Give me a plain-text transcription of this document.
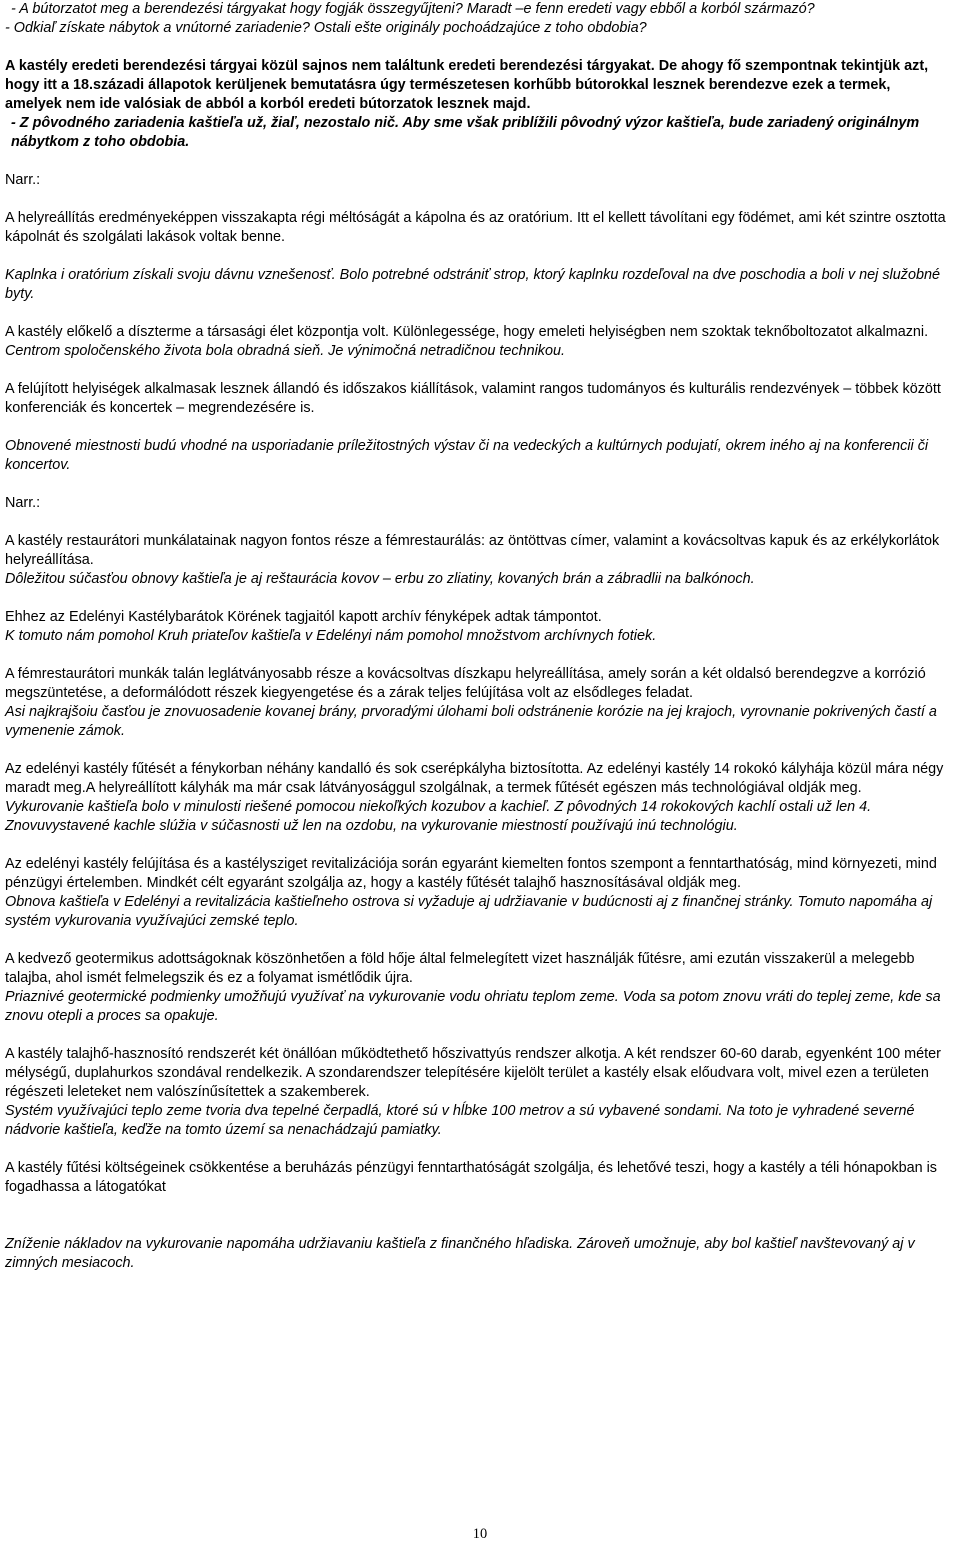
- A bútorzatot meg a berendezési tárgyakat hogy fogják összegyűjteni? Maradt –e fenn eredeti vagy ebből a korból származó?

- Odkiaľ získate nábytok a vnútorné zariadenie? Ostali ešte originály pochoádzajúce z toho obdobia?

A kastély eredeti berendezési tárgyai közül sajnos nem találtunk eredeti berendezési tárgyakat. De ahogy fő szempontnak tekintjük azt, hogy itt a 18.századi állapotok kerüljenek bemutatásra úgy természetesen korhűbb bútorokkal lesznek berendezve ezek a termek, amelyek nem ide valósiak de abból a korból eredeti bútorzatok lesznek majd.

- Z pôvodného zariadenia kaštieľa už, žiaľ, nezostalo nič. Aby sme však priblížili pôvodný výzor kaštieľa, bude zariadený originálnym nábytkom z toho obdobia.

Narr.:

A helyreállítás eredményeképpen visszakapta régi méltóságát a kápolna és az oratórium. Itt el kellett távolítani egy födémet, ami két szintre osztotta kápolnát és szolgálati lakások voltak benne.

Kaplnka i oratórium získali svoju dávnu vznešenosť. Bolo potrebné odstrániť strop, ktorý kaplnku rozdeľoval na dve poschodia a boli v nej služobné byty.

A kastély előkelő a díszterme a társasági élet központja volt. Különlegessége, hogy emeleti helyiségben nem szoktak teknőboltozatot alkalmazni.

Centrom spoločenského života bola obradná sieň. Je výnimočná netradičnou technikou.

A felújított helyiségek alkalmasak lesznek állandó és időszakos kiállítások, valamint rangos tudományos és kulturális rendezvények – többek között konferenciák és koncertek – megrendezésére is.

Obnovené miestnosti budú vhodné na usporiadanie príležitostných výstav či na vedeckých a kultúrnych podujatí, okrem iného aj na konferencii či koncertov.

Narr.:

A kastély restaurátori munkálatainak nagyon fontos része a fémrestaurálás: az öntöttvas címer, valamint a kovácsoltvas kapuk és az erkélykorlátok helyreállítása.

Dôležitou súčasťou obnovy kaštieľa je aj reštaurácia kovov – erbu zo zliatiny, kovaných brán a zábradlii na balkónoch.

Ehhez az Edelényi Kastélybarátok Körének tagjaitól kapott archív fényképek adtak támpontot.

K tomuto nám pomohol Kruh priateľov kaštieľa v Edelényi nám pomohol množstvom archívnych fotiek.

A fémrestaurátori munkák talán leglátványosabb része a kovácsoltvas díszkapu helyreállítása, amely során a két oldalsó berendegzve a korrózió megszüntetése, a deformálódott részek kiegyengetése és a zárak teljes felújítása volt az elsődleges feladat.

Asi najkrajšoiu časťou je znovuosadenie kovanej brány, prvoradými úlohami boli odstránenie korózie na jej krajoch, vyrovnanie pokrivených častí a vymenenie zámok.

Az edelényi kastély fűtését a fénykorban néhány kandalló és sok cserépkályha biztosította. Az edelényi kastély 14 rokokó kályhája közül mára négy maradt meg.A helyreállított kályhák ma már csak látványosággul szolgálnak, a termek fűtését egészen más technológiával oldják meg.

Vykurovanie kaštieľa bolo v minulosti riešené pomocou niekoľkých kozubov a kachieľ. Z pôvodných 14 rokokových kachlí ostali už len 4. Znovuvystavené kachle slúžia v súčasnosti už len na ozdobu, na vykurovanie miestností používajú inú technológiu.

Az edelényi kastély felújítása és a kastélysziget revitalizációja során egyaránt kiemelten fontos szempont a fenntarthatóság, mind környezeti, mind pénzügyi értelemben. Mindkét célt egyaránt szolgálja az, hogy a kastély fűtését talajhő hasznosításával oldják meg.

Obnova kaštieľa v Edelényi a revitalizácia kaštieľneho ostrova si vyžaduje aj udržiavanie v budúcnosti aj z finančnej stránky. Tomuto napomáha aj systém vykurovania využívajúci zemské teplo.

A kedvező geotermikus adottságoknak köszönhetően a föld hője által felmelegített vizet használják fűtésre, ami ezután visszakerül a melegebb talajba, ahol ismét felmelegszik és ez a folyamat ismétlődik újra.

Priaznivé geotermické podmienky umožňujú využívať na vykurovanie vodu ohriatu teplom zeme. Voda sa potom znovu vráti do teplej zeme, kde sa znovu otepli a proces sa opakuje.

A kastély talajhő-hasznosító rendszerét két önállóan működtethető hőszivattyús rendszer alkotja. A két rendszer 60-60 darab, egyenként 100 méter mélységű, duplahurkos szondával rendelkezik. A szondarendszer telepítésére kijelölt terület a kastély elsak előudvara volt, mivel ezen a területen régészeti leleteket nem valószínűsítettek a szakemberek.

Systém využívajúci teplo zeme tvoria dva tepelné čerpadlá, ktoré sú v hĺbke 100 metrov a sú vybavené sondami. Na toto je vyhradené severné nádvorie kaštieľa, keďže na tomto území sa nenachádzajú pamiatky.

A kastély fűtési költségeinek csökkentése a beruházás pénzügyi fenntarthatóságát szolgálja, és lehetővé teszi, hogy a kastély a téli hónapokban is fogadhassa a látogatókat

Zníženie nákladov na vykurovanie napomáha udržiavaniu kaštieľa z finančného hľadiska. Zároveň umožnuje, aby bol kaštieľ navštevovaný aj v zimných mesiacoch.

10
